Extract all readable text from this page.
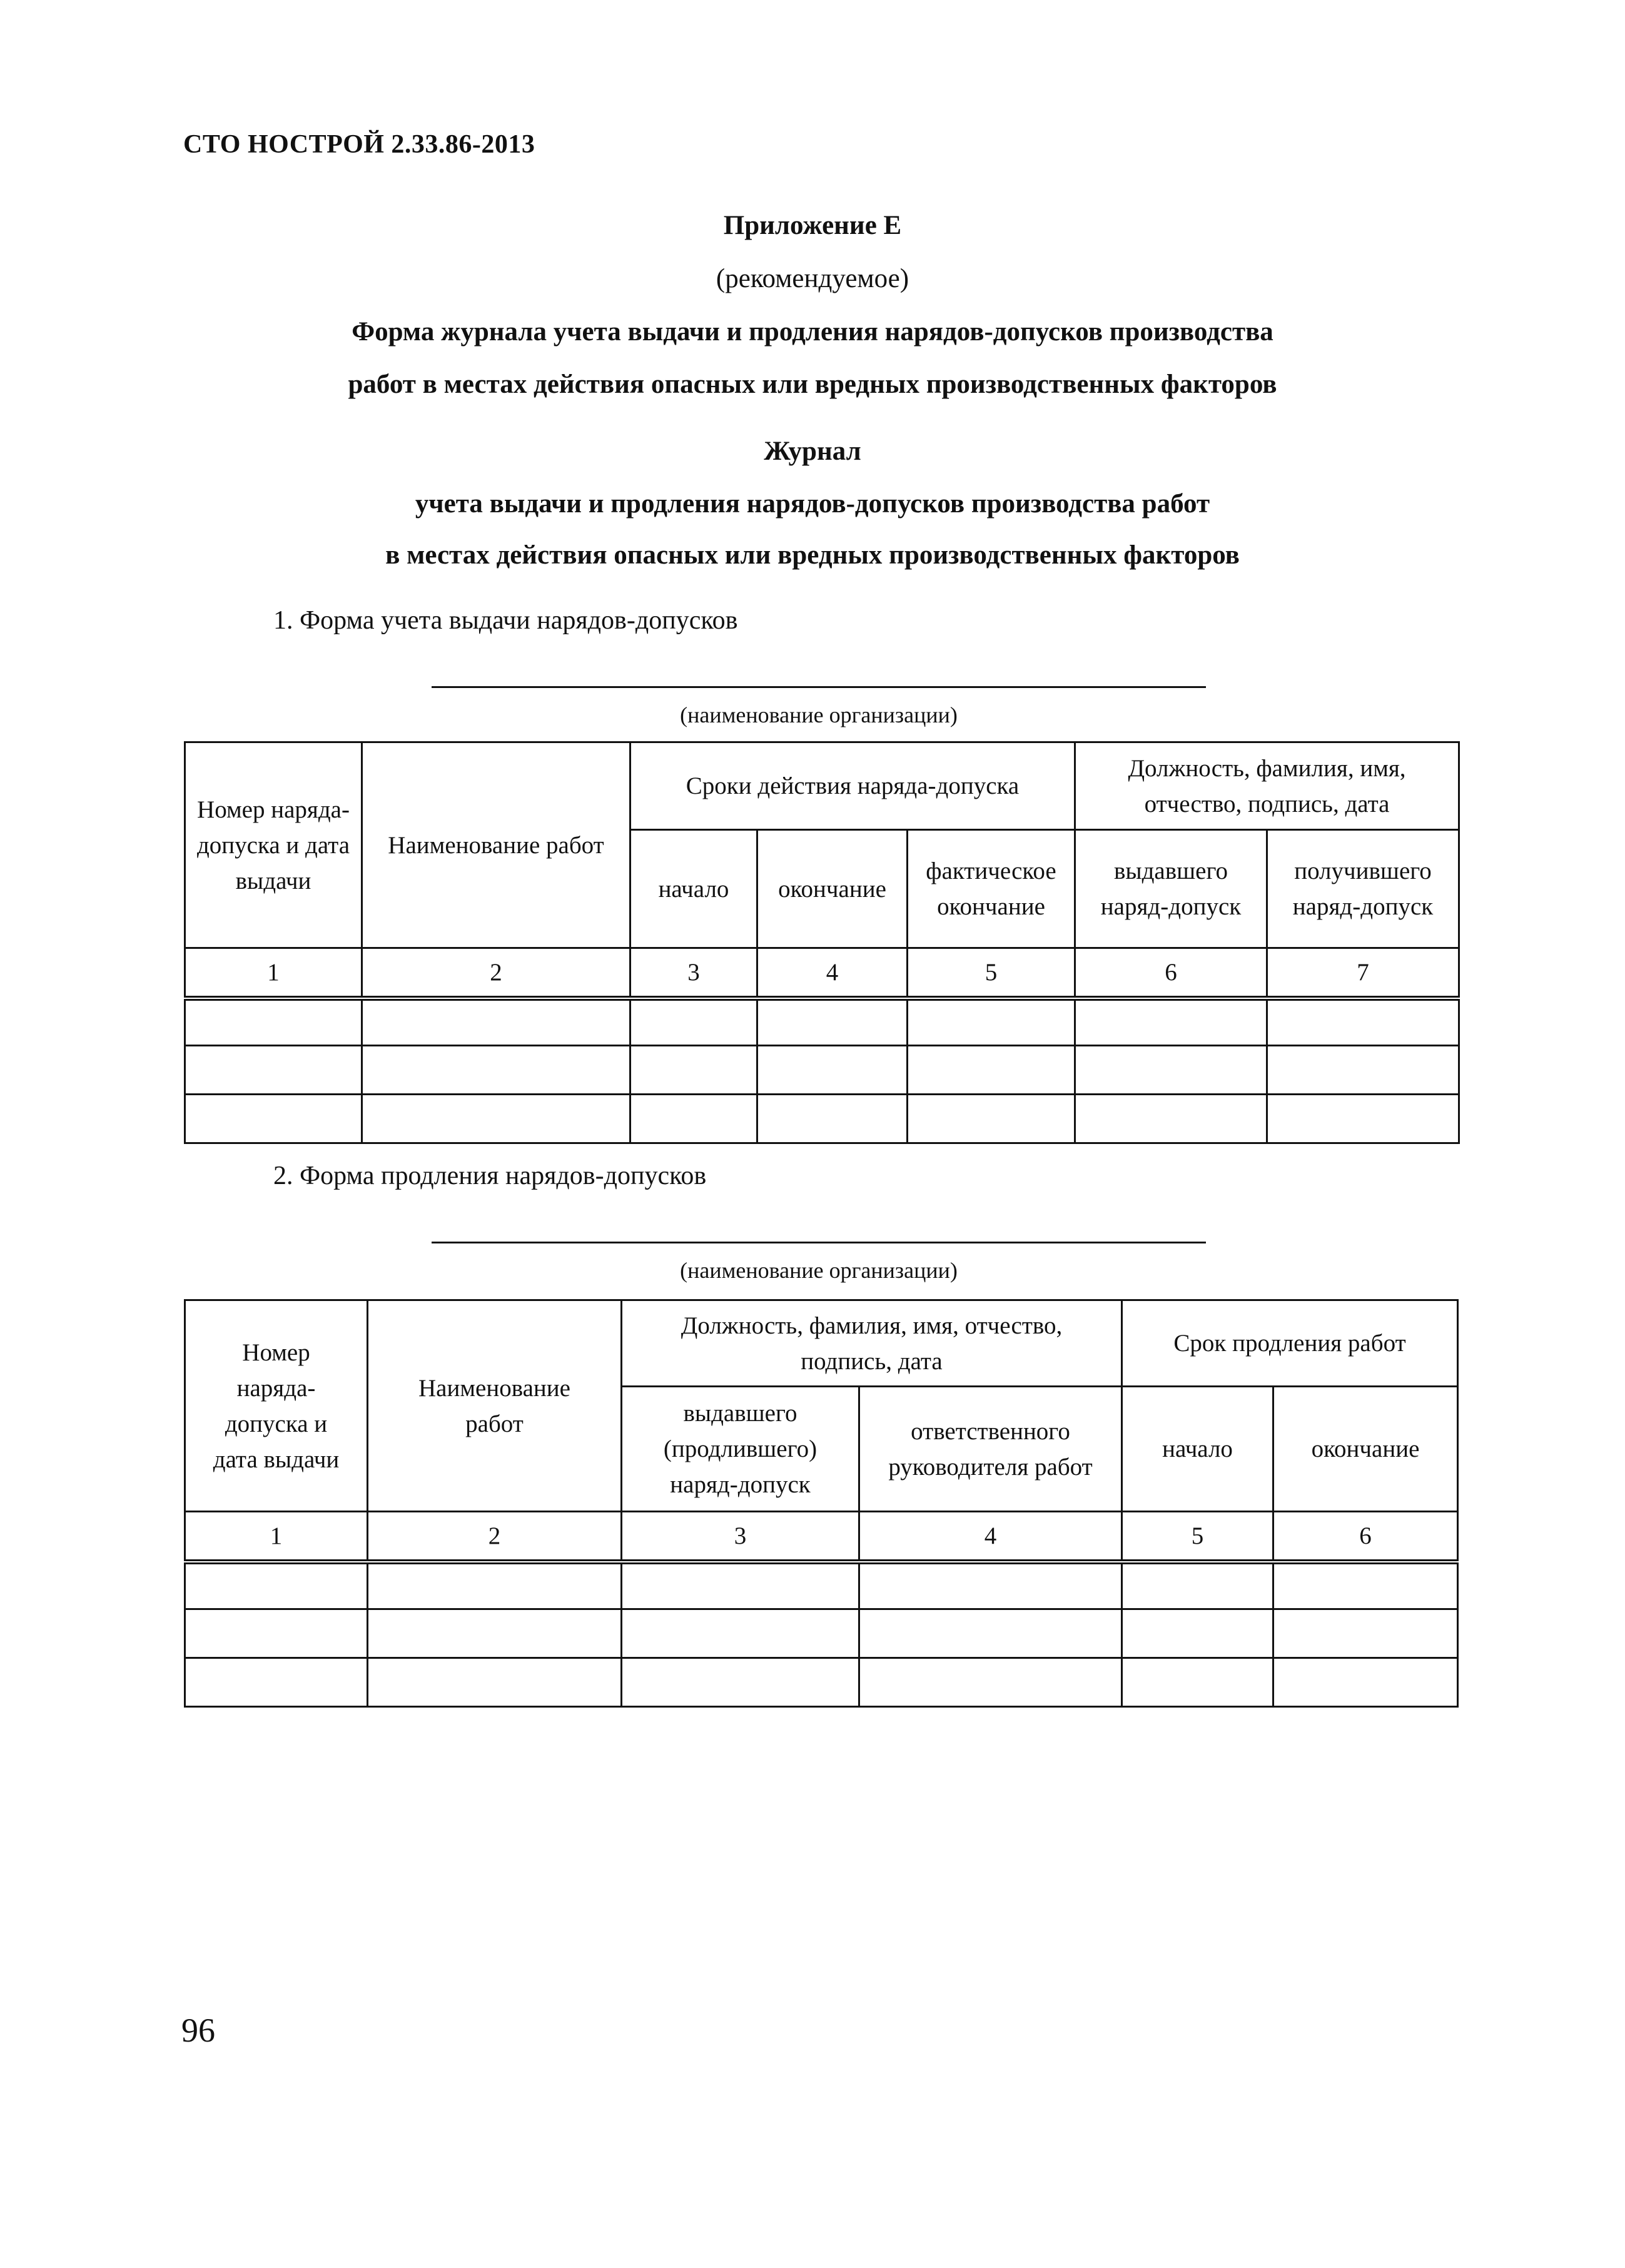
СТО НОСТРОЙ 2.33.86-2013
Приложение Е
(рекомендуемое)
Форма журнала учета выдачи и продления нарядов-допусков производства
работ в местах действия опасных или вредных производственных факторов
Журнал
учета выдачи и продления нарядов-допусков производства работ
в местах действия опасных или вредных производственных факторов
1. Форма учета выдачи нарядов-допусков
(наименование организации)
Номер наряда-допуска и дата выдачи	Наименование работ	Сроки действия наряда-допуска			Должность, фамилия, имя, отчество, подпись, дата	
		начало	окончание	фактическое окончание	выдавшего наряд-допуск	получившего наряд-допуск
1	2	3	4	5	6	7

2. Форма продления нарядов-допусков
(наименование организации)
Номер наряда-допуска и дата выдачи	Наименование работ	Должность, фамилия, имя, отчество, подпись, дата		Срок продления работ	
		выдавшего (продлившего) наряд-допуск	ответственного руководителя работ	начало	окончание
1	2	3	4	5	6

96
